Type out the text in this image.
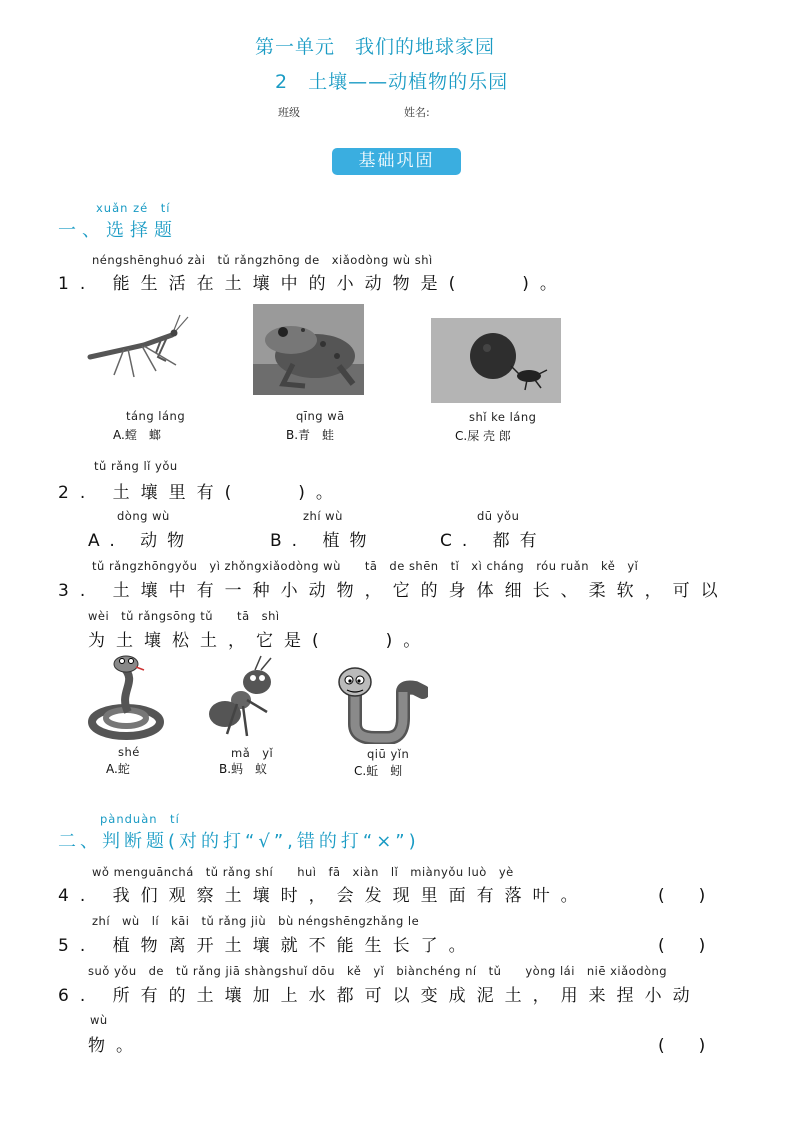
第一单元　我们的地球家园
2　土壤——动植物的乐园
班级	姓名:
基础巩固
xuǎn zé　tí
一、选择题
néngshēnghuó zài　tǔ rǎngzhōng de　xiǎodòng wù shì
1. 能生活在土壤中的小动物是(　　)。
táng láng
A.螳　螂
qīng wā
B.青　蛙
shǐ ke láng
C.屎 壳 郎
tǔ rǎng lǐ yǒu
2. 土壤里有(　　)。
dòng wù
A. 动物
zhí wù
B. 植物
dū yǒu
C. 都有
tǔ rǎngzhōngyǒu　yì zhǒngxiǎodòng wù　　tā　de shēn　tǐ　xì cháng　róu ruǎn　kě　yǐ
3. 土壤中有一种小动物，它的身体细长、柔软，可以
wèi　tǔ rǎngsōng tǔ　　tā　shì
为土壤松土，它是(　　)。
shé
A.蛇
mǎ　yǐ
B.蚂　蚁
qiū yǐn
C.蚯　蚓
pànduàn　tí
二、判断题(对的打“√”,错的打“×”)
wǒ menguānchá　tǔ rǎng shí　　huì　fā　xiàn　lǐ　miànyǒu luò　yè
4. 我们观察土壤时，会发现里面有落叶。	(　　)
zhí　wù　lí　kāi　tǔ rǎng jiù　bù néngshēngzhǎng le
5. 植物离开土壤就不能生长了。	(　　)
suǒ yǒu　de　tǔ rǎng jiā shàngshuǐ dōu　kě　yǐ　biànchéng ní　tǔ　　yòng lái　niē xiǎodòng
6. 所有的土壤加上水都可以变成泥土，用来捏小动
wù
物。	(　　)
